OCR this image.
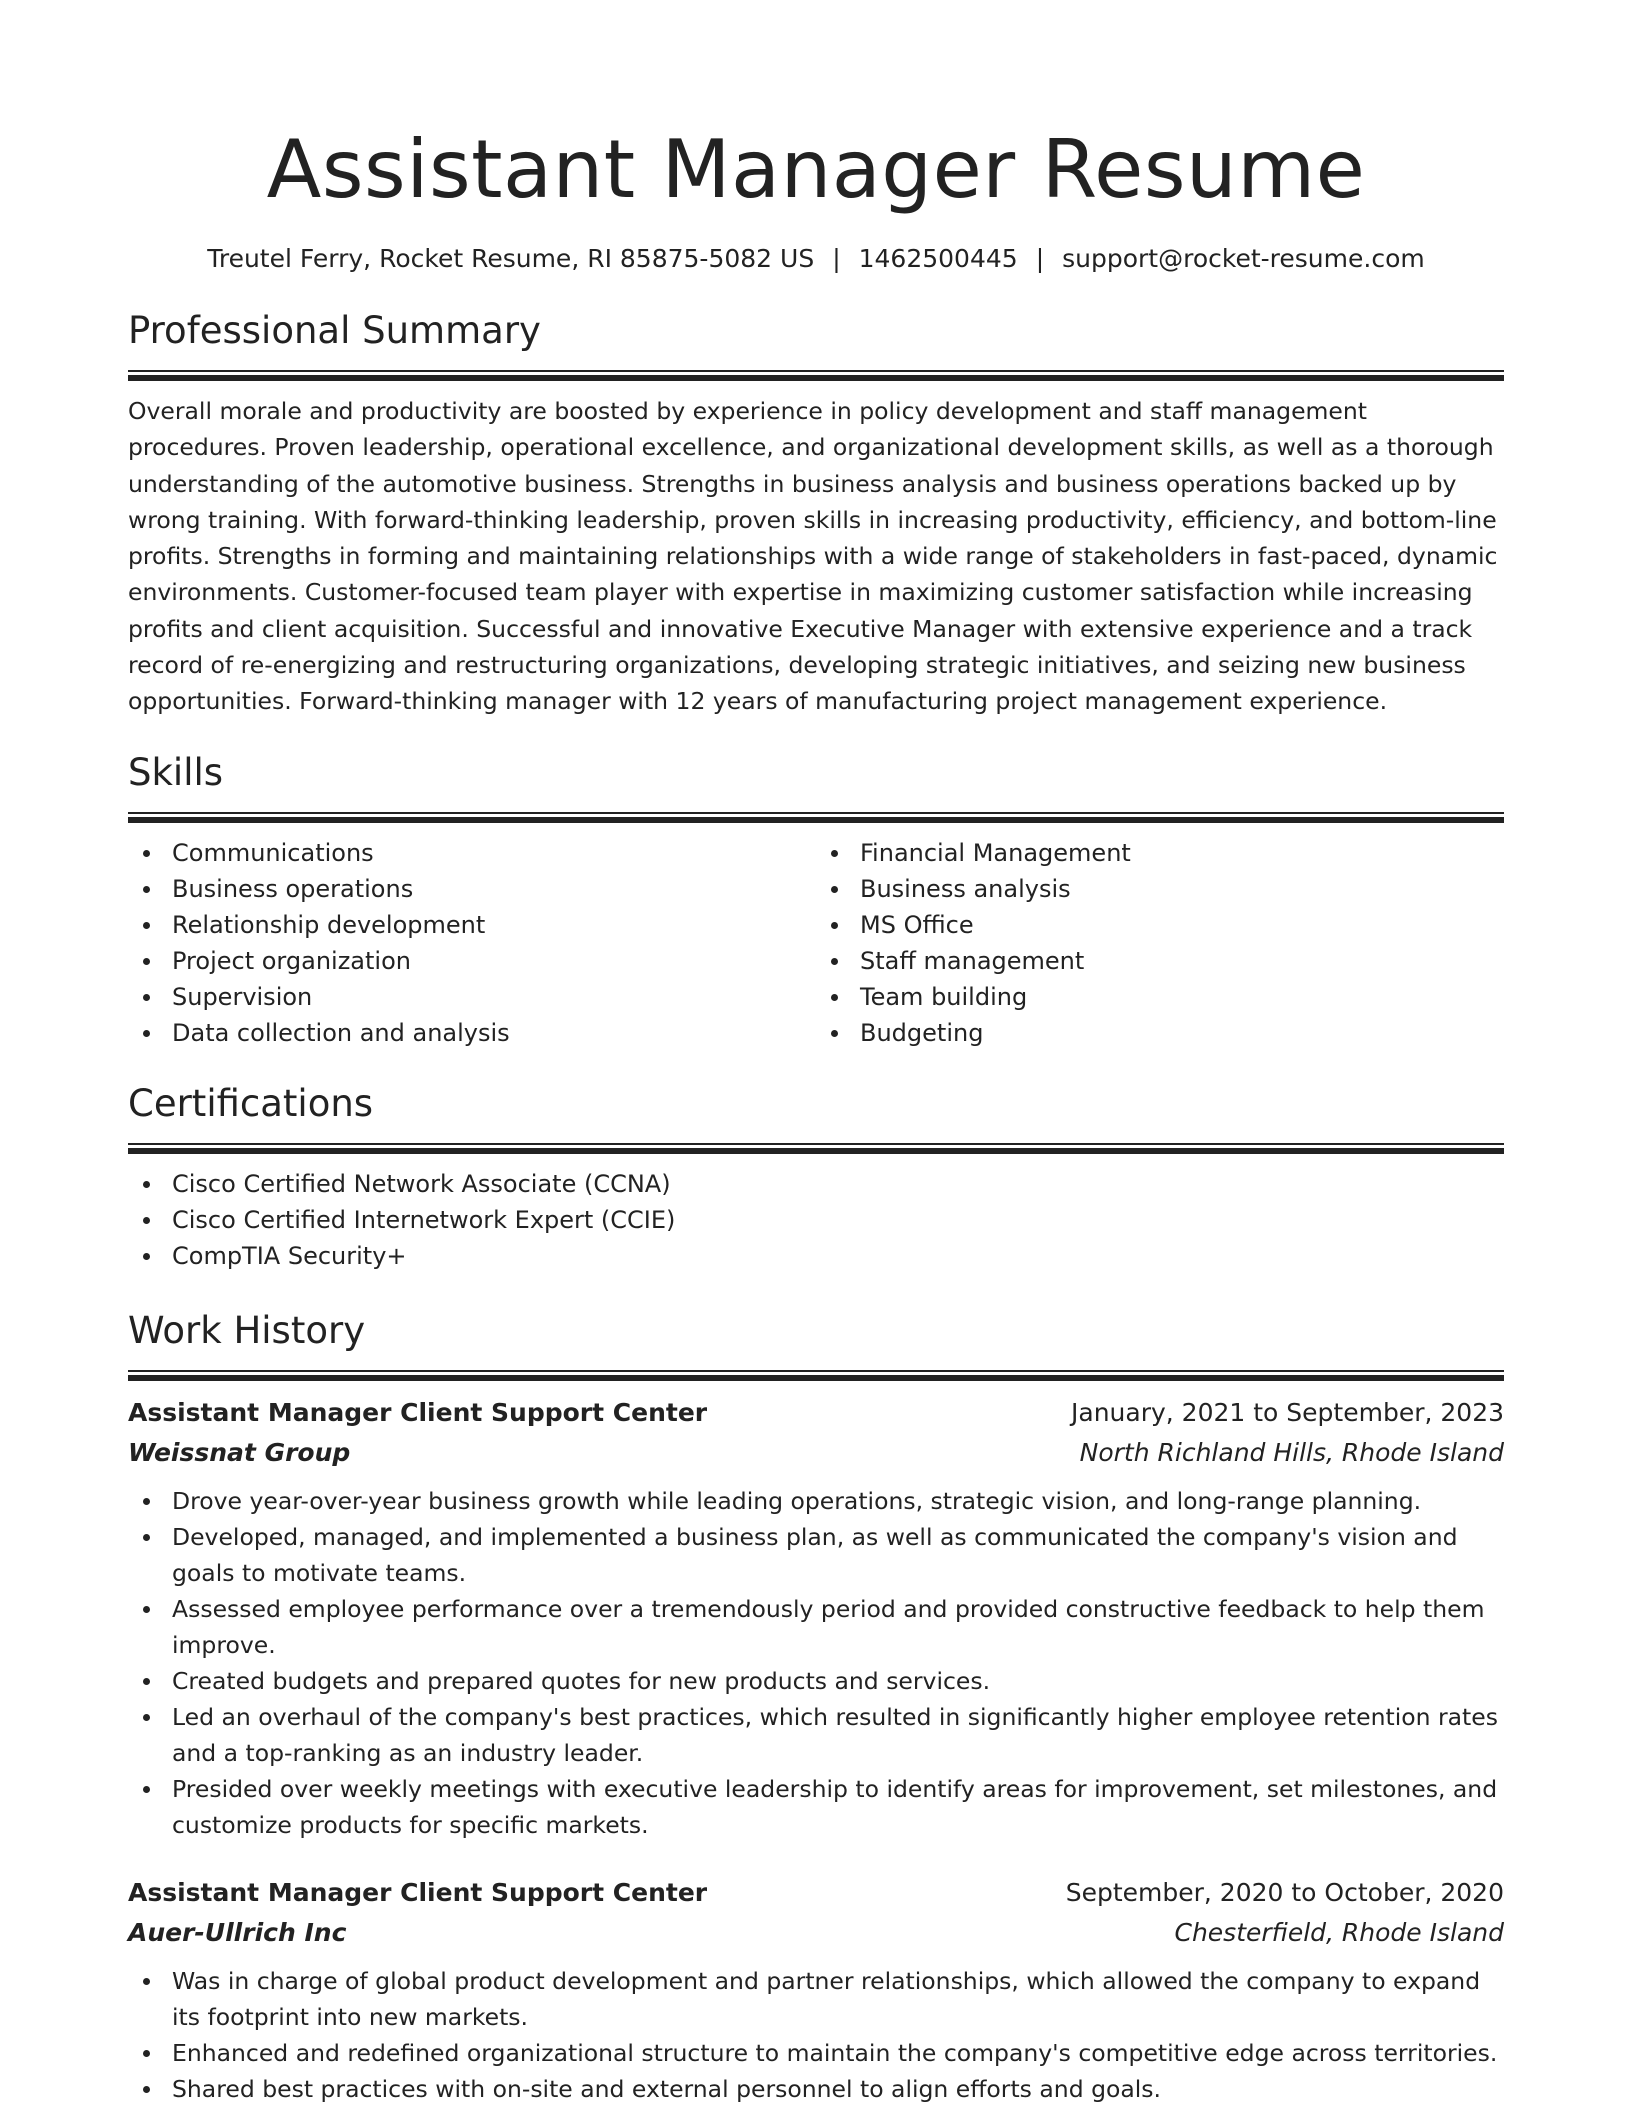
Assistant Manager Resume
Treutel Ferry, Rocket Resume, RI 85875-5082 US | 1462500445 | support@rocket-resume.com
Professional Summary

Overall morale and productivity are boosted by experience in policy development and staff management procedures. Proven leadership, operational excellence, and organizational development skills, as well as a thorough understanding of the automotive business. Strengths in business analysis and business operations backed up by wrong training. With forward-thinking leadership, proven skills in increasing productivity, efficiency, and bottom-line profits. Strengths in forming and maintaining relationships with a wide range of stakeholders in fast-paced, dynamic environments. Customer-focused team player with expertise in maximizing customer satisfaction while increasing profits and client acquisition. Successful and innovative Executive Manager with extensive experience and a track record of re-energizing and restructuring organizations, developing strategic initiatives, and seizing new business opportunities. Forward-thinking manager with 12 years of manufacturing project management experience.

Skills
Communications
Business operations
Relationship development
Project organization
Supervision
Data collection and analysis
Financial Management
Business analysis
MS Office
Staff management
Team building
Budgeting
Certifications
Cisco Certified Network Associate (CCNA)
Cisco Certified Internetwork Expert (CCIE)
CompTIA Security+
Work History
Assistant Manager Client Support Center	January, 2021 to September, 2023
Weissnat Group	North Richland Hills, Rhode Island
Drove year-over-year business growth while leading operations, strategic vision, and long-range planning.
Developed, managed, and implemented a business plan, as well as communicated the company's vision and goals to motivate teams.
Assessed employee performance over a tremendously period and provided constructive feedback to help them improve.
Created budgets and prepared quotes for new products and services.
Led an overhaul of the company's best practices, which resulted in significantly higher employee retention rates and a top-ranking as an industry leader.
Presided over weekly meetings with executive leadership to identify areas for improvement, set milestones, and customize products for specific markets.
Assistant Manager Client Support Center	September, 2020 to October, 2020
Auer-Ullrich Inc	Chesterfield, Rhode Island
Was in charge of global product development and partner relationships, which allowed the company to expand its footprint into new markets.
Enhanced and redefined organizational structure to maintain the company's competitive edge across territories.
Shared best practices with on-site and external personnel to align efforts and goals.
